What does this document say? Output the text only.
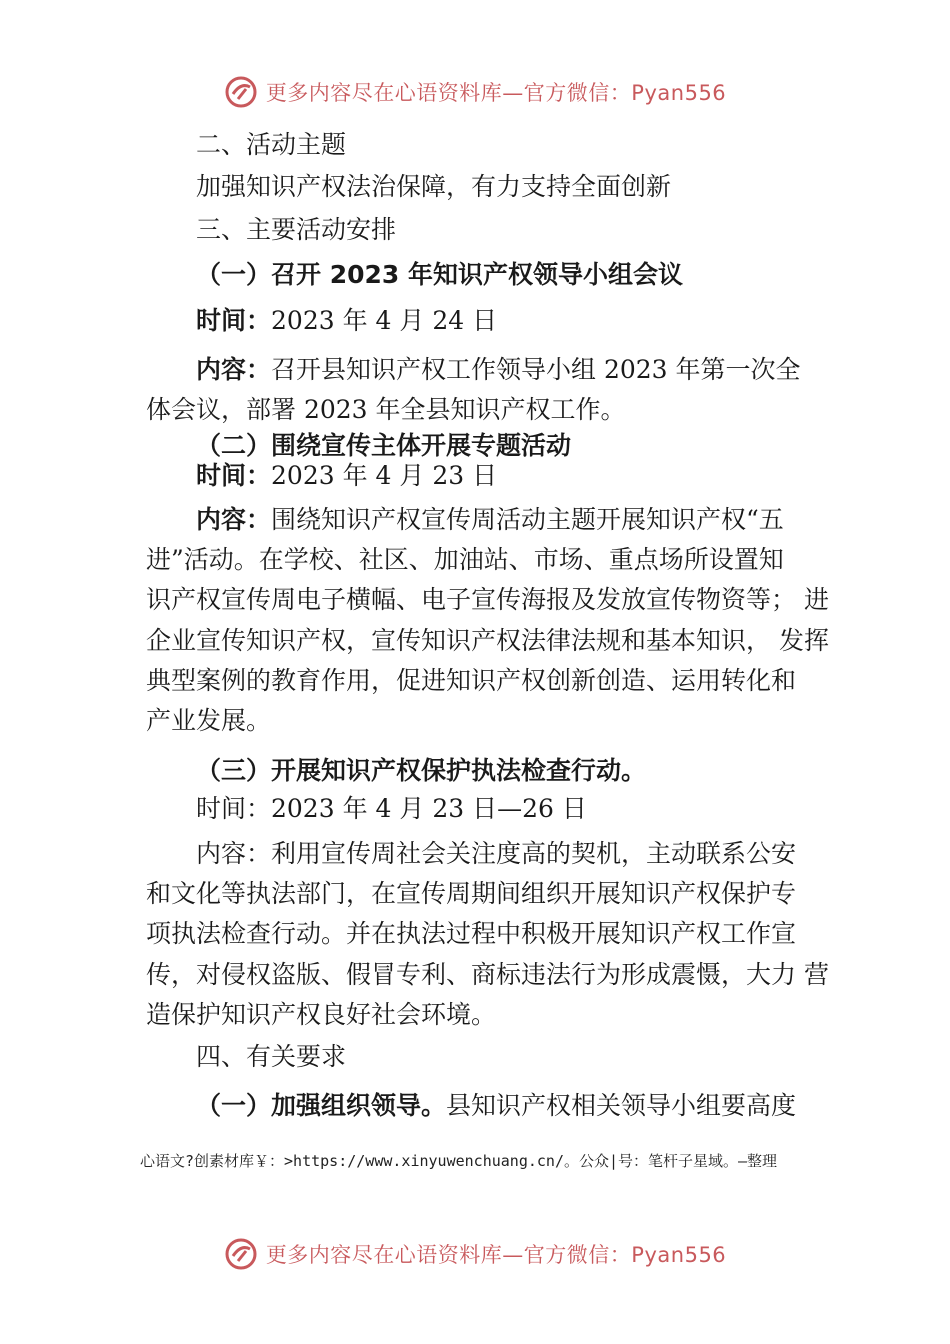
更多内容尽在心语资料库—官方微信：Pyan556

二、活动主题

加强知识产权法治保障，有力支持全面创新

三、主要活动安排

（一）召开 2023 年知识产权领导小组会议

时间：2023 年 4 月 24 日

内容：召开县知识产权工作领导小组 2023 年第一次全

体会议，部署 2023 年全县知识产权工作。

（二）围绕宣传主体开展专题活动

时间：2023 年 4 月 23 日

内容：围绕知识产权宣传周活动主题开展知识产权“五

进”活动。在学校、社区、加油站、市场、重点场所设置知

识产权宣传周电子横幅、电子宣传海报及发放宣传物资等； 进

企业宣传知识产权，宣传知识产权法律法规和基本知识， 发挥

典型案例的教育作用，促进知识产权创新创造、运用转化和

产业发展。

（三）开展知识产权保护执法检查行动。

时间：2023 年 4 月 23 日—26 日

内容：利用宣传周社会关注度高的契机，主动联系公安

和文化等执法部门，在宣传周期间组织开展知识产权保护专

项执法检查行动。并在执法过程中积极开展知识产权工作宣

传，对侵权盗版、假冒专利、商标违法行为形成震慑，大力 营

造保护知识产权良好社会环境。

四、有关要求

（一）加强组织领导。县知识产权相关领导小组要高度

心语文?创素材库￥：>https://www.xinyuwenchuang.cn/。公众|号：笔杆子星域。—整理
更多内容尽在心语资料库—官方微信：Pyan556
